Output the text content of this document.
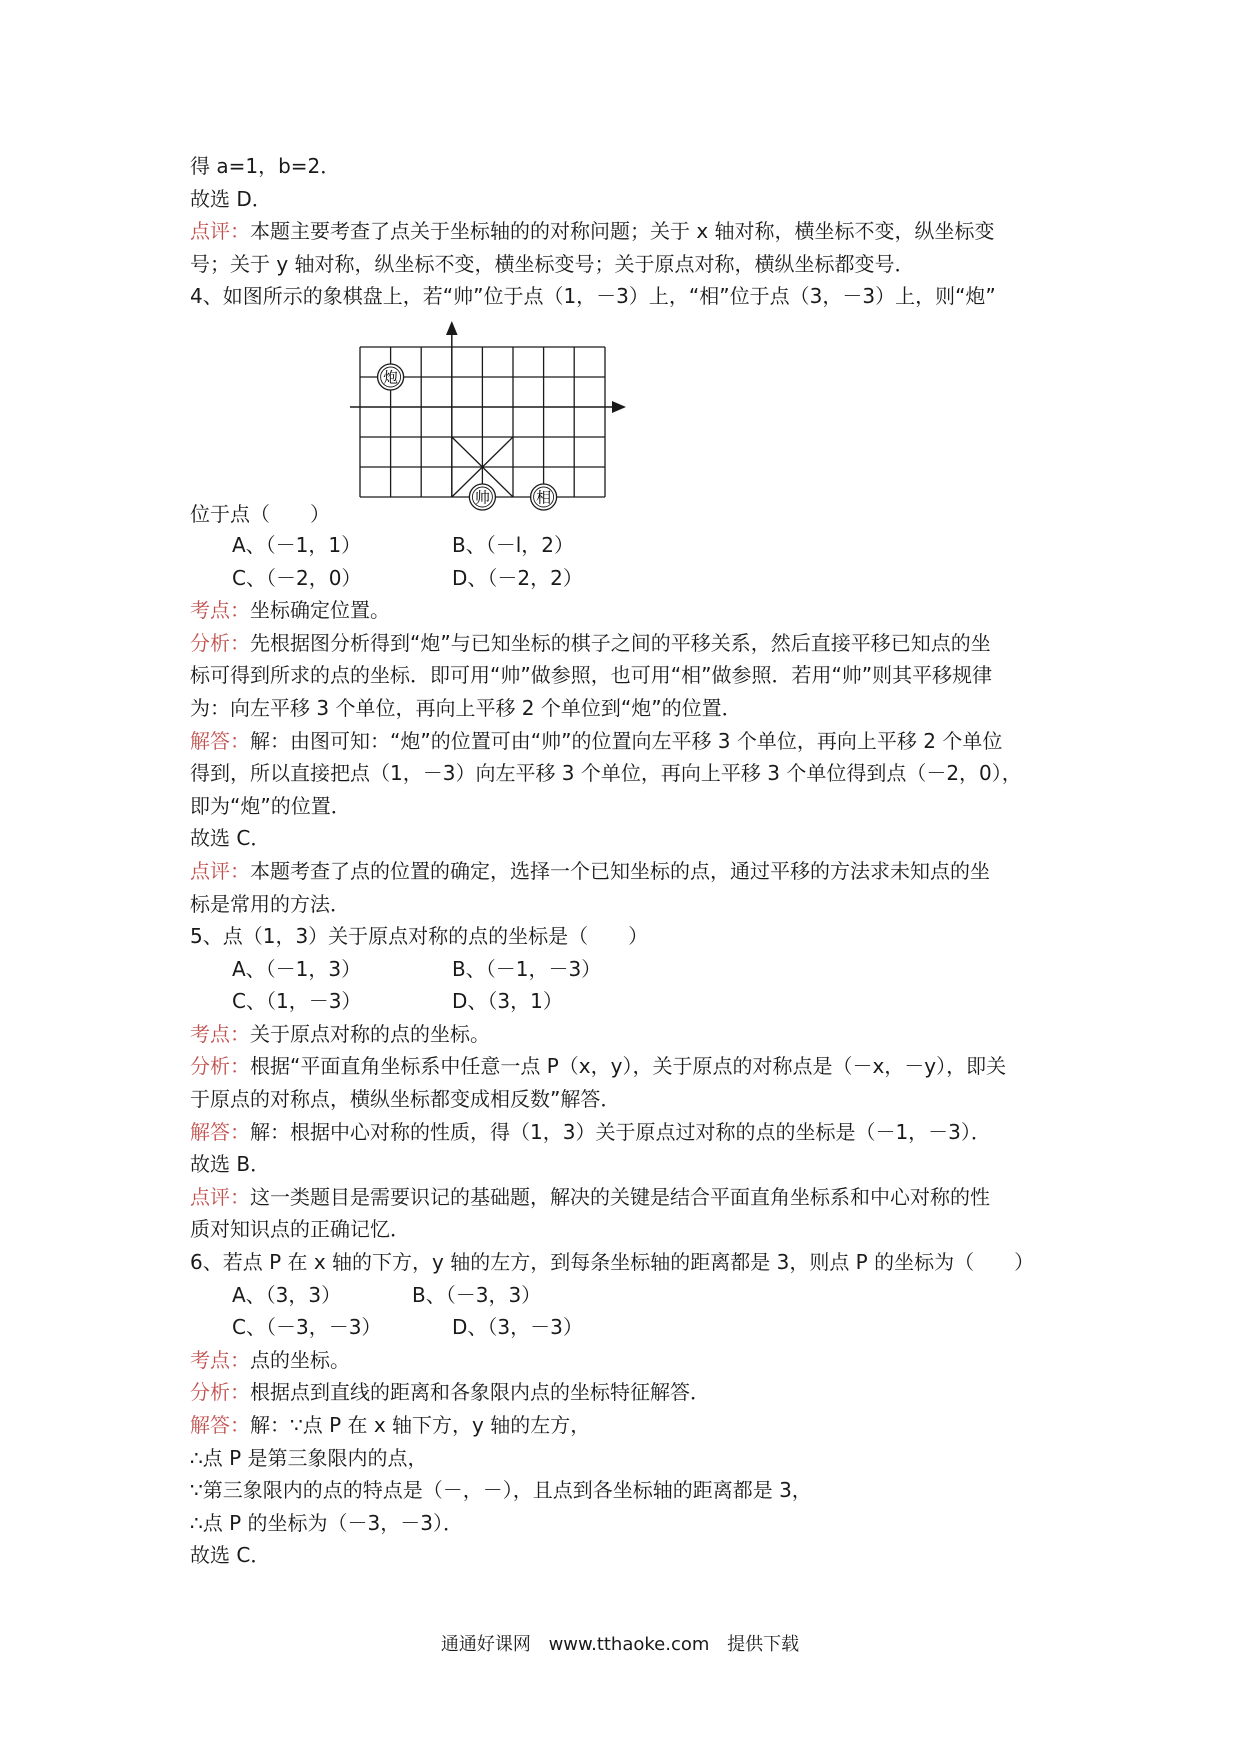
得 a=1，b=2．
故选 D．
点评：本题主要考查了点关于坐标轴的的对称问题；关于 x 轴对称，横坐标不变，纵坐标变
号；关于 y 轴对称，纵坐标不变，横坐标变号；关于原点对称，横纵坐标都变号．
4、如图所示的象棋盘上，若“帅”位于点（1，－3）上，“相”位于点（3，－3）上，则“炮”
位于点（　　）
炮
帅	相
A、（－1，1）	B、（－l，2）
C、（－2，0）	D、（－2，2）
考点：坐标确定位置。
分析：先根据图分析得到“炮”与已知坐标的棋子之间的平移关系，然后直接平移已知点的坐
标可得到所求的点的坐标．即可用“帅”做参照，也可用“相”做参照．若用“帅”则其平移规律
为：向左平移 3 个单位，再向上平移 2 个单位到“炮”的位置．
解答：解：由图可知：“炮”的位置可由“帅”的位置向左平移 3 个单位，再向上平移 2 个单位
得到，所以直接把点（1，－3）向左平移 3 个单位，再向上平移 3 个单位得到点（－2，0），
即为“炮”的位置．
故选 C．
点评：本题考查了点的位置的确定，选择一个已知坐标的点，通过平移的方法求未知点的坐
标是常用的方法．
5、点（1，3）关于原点对称的点的坐标是（　　）
A、（－1，3）	B、（－1，－3）
C、（1，－3）	D、（3，1）
考点：关于原点对称的点的坐标。
分析：根据“平面直角坐标系中任意一点 P（x，y），关于原点的对称点是（－x，－y），即关
于原点的对称点，横纵坐标都变成相反数”解答．
解答：解：根据中心对称的性质，得（1，3）关于原点过对称的点的坐标是（－1，－3）．
故选 B．
点评：这一类题目是需要识记的基础题，解决的关键是结合平面直角坐标系和中心对称的性
质对知识点的正确记忆．
6、若点 P 在 x 轴的下方，y 轴的左方，到每条坐标轴的距离都是 3，则点 P 的坐标为（　　）
A、（3，3）	B、（－3，3）
C、（－3，－3）	D、（3，－3）
考点：点的坐标。
分析：根据点到直线的距离和各象限内点的坐标特征解答．
解答：解：∵点 P 在 x 轴下方，y 轴的左方，
∴点 P 是第三象限内的点，
∵第三象限内的点的特点是（－，－），且点到各坐标轴的距离都是 3，
∴点 P 的坐标为（－3，－3）．
故选 C．
通通好课网 www.tthaoke.com 提供下载
